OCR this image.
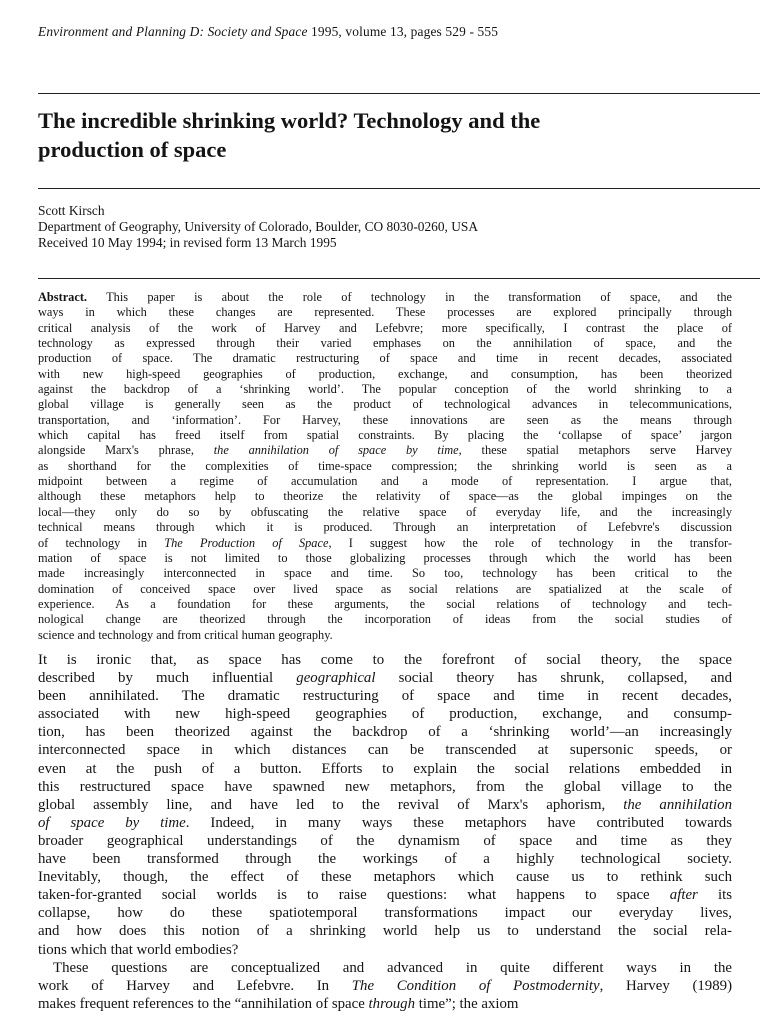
Environment and Planning D: Society and Space 1995, volume 13, pages 529 - 555
The incredible shrinking world? Technology and the
production of space
Scott Kirsch
Department of Geography, University of Colorado, Boulder, CO 8030-0260, USA
Received 10 May 1994; in revised form 13 March 1995
Abstract. This paper is about the role of technology in the transformation of space, and the
ways in which these changes are represented. These processes are explored principally through
critical analysis of the work of Harvey and Lefebvre; more specifically, I contrast the place of
technology as expressed through their varied emphases on the annihilation of space, and the
production of space. The dramatic restructuring of space and time in recent decades, associated
with new high-speed geographies of production, exchange, and consumption, has been theorized
against the backdrop of a ‘shrinking world’. The popular conception of the world shrinking to a
global village is generally seen as the product of technological advances in telecommunications,
transportation, and ‘information’. For Harvey, these innovations are seen as the means through
which capital has freed itself from spatial constraints. By placing the ‘collapse of space’ jargon
alongside Marx's phrase, the annihilation of space by time, these spatial metaphors serve Harvey
as shorthand for the complexities of time-space compression; the shrinking world is seen as a
midpoint between a regime of accumulation and a mode of representation. I argue that,
although these metaphors help to theorize the relativity of space—as the global impinges on the
local—they only do so by obfuscating the relative space of everyday life, and the increasingly
technical means through which it is produced. Through an interpretation of Lefebvre's discussion
of technology in The Production of Space, I suggest how the role of technology in the transfor-
mation of space is not limited to those globalizing processes through which the world has been
made increasingly interconnected in space and time. So too, technology has been critical to the
domination of conceived space over lived space as social relations are spatialized at the scale of
experience. As a foundation for these arguments, the social relations of technology and tech-
nological change are theorized through the incorporation of ideas from the social studies of
science and technology and from critical human geography.
It is ironic that, as space has come to the forefront of social theory, the space
described by much influential geographical social theory has shrunk, collapsed, and
been annihilated. The dramatic restructuring of space and time in recent decades,
associated with new high-speed geographies of production, exchange, and consump-
tion, has been theorized against the backdrop of a ‘shrinking world’—an increasingly
interconnected space in which distances can be transcended at supersonic speeds, or
even at the push of a button. Efforts to explain the social relations embedded in
this restructured space have spawned new metaphors, from the global village to the
global assembly line, and have led to the revival of Marx's aphorism, the annihilation
of space by time. Indeed, in many ways these metaphors have contributed towards
broader geographical understandings of the dynamism of space and time as they
have been transformed through the workings of a highly technological society.
Inevitably, though, the effect of these metaphors which cause us to rethink such
taken-for-granted social worlds is to raise questions: what happens to space after its
collapse, how do these spatiotemporal transformations impact our everyday lives,
and how does this notion of a shrinking world help us to understand the social rela-
tions which that world embodies?
These questions are conceptualized and advanced in quite different ways in the
work of Harvey and Lefebvre. In The Condition of Postmodernity, Harvey (1989)
makes frequent references to the “annihilation of space through time”; the axiom
